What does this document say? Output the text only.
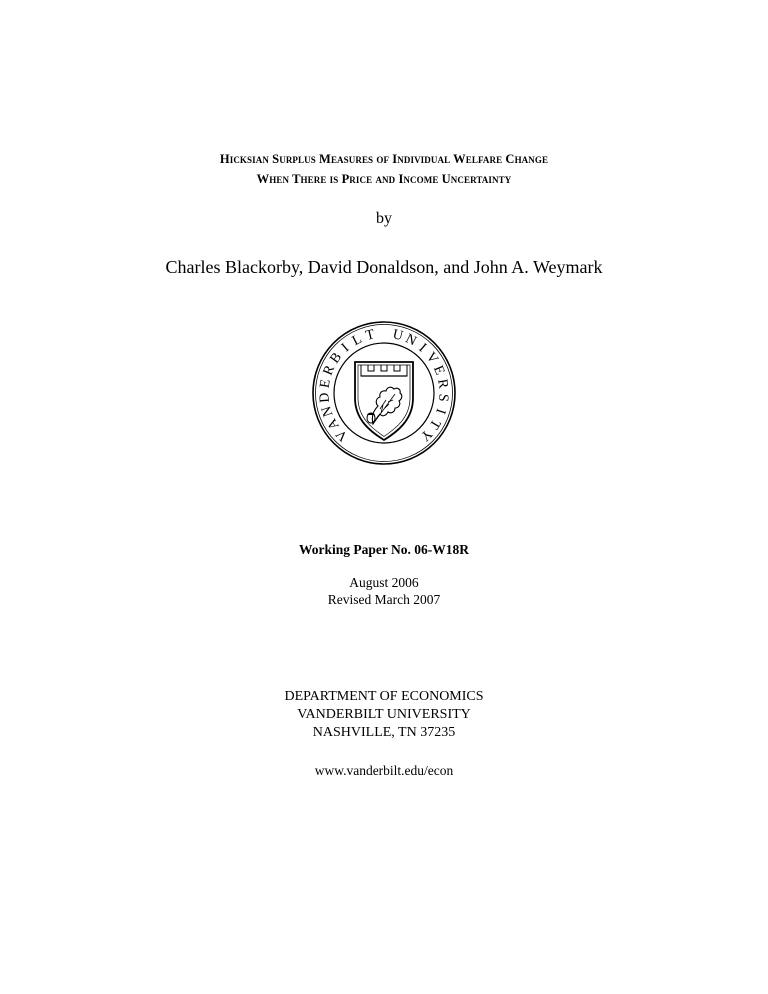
Hicksian Surplus Measures of Individual Welfare Change
When There is Price and Income Uncertainty
by
Charles Blackorby, David Donaldson, and John A. Weymark
V
A
N
D
E
R
B
I
L T U
N
I
V
E
R
S
I
T
Y
Working Paper No. 06-W18R
August 2006
Revised March 2007
DEPARTMENT OF ECONOMICS
VANDERBILT UNIVERSITY
NASHVILLE, TN 37235
www.vanderbilt.edu/econ
